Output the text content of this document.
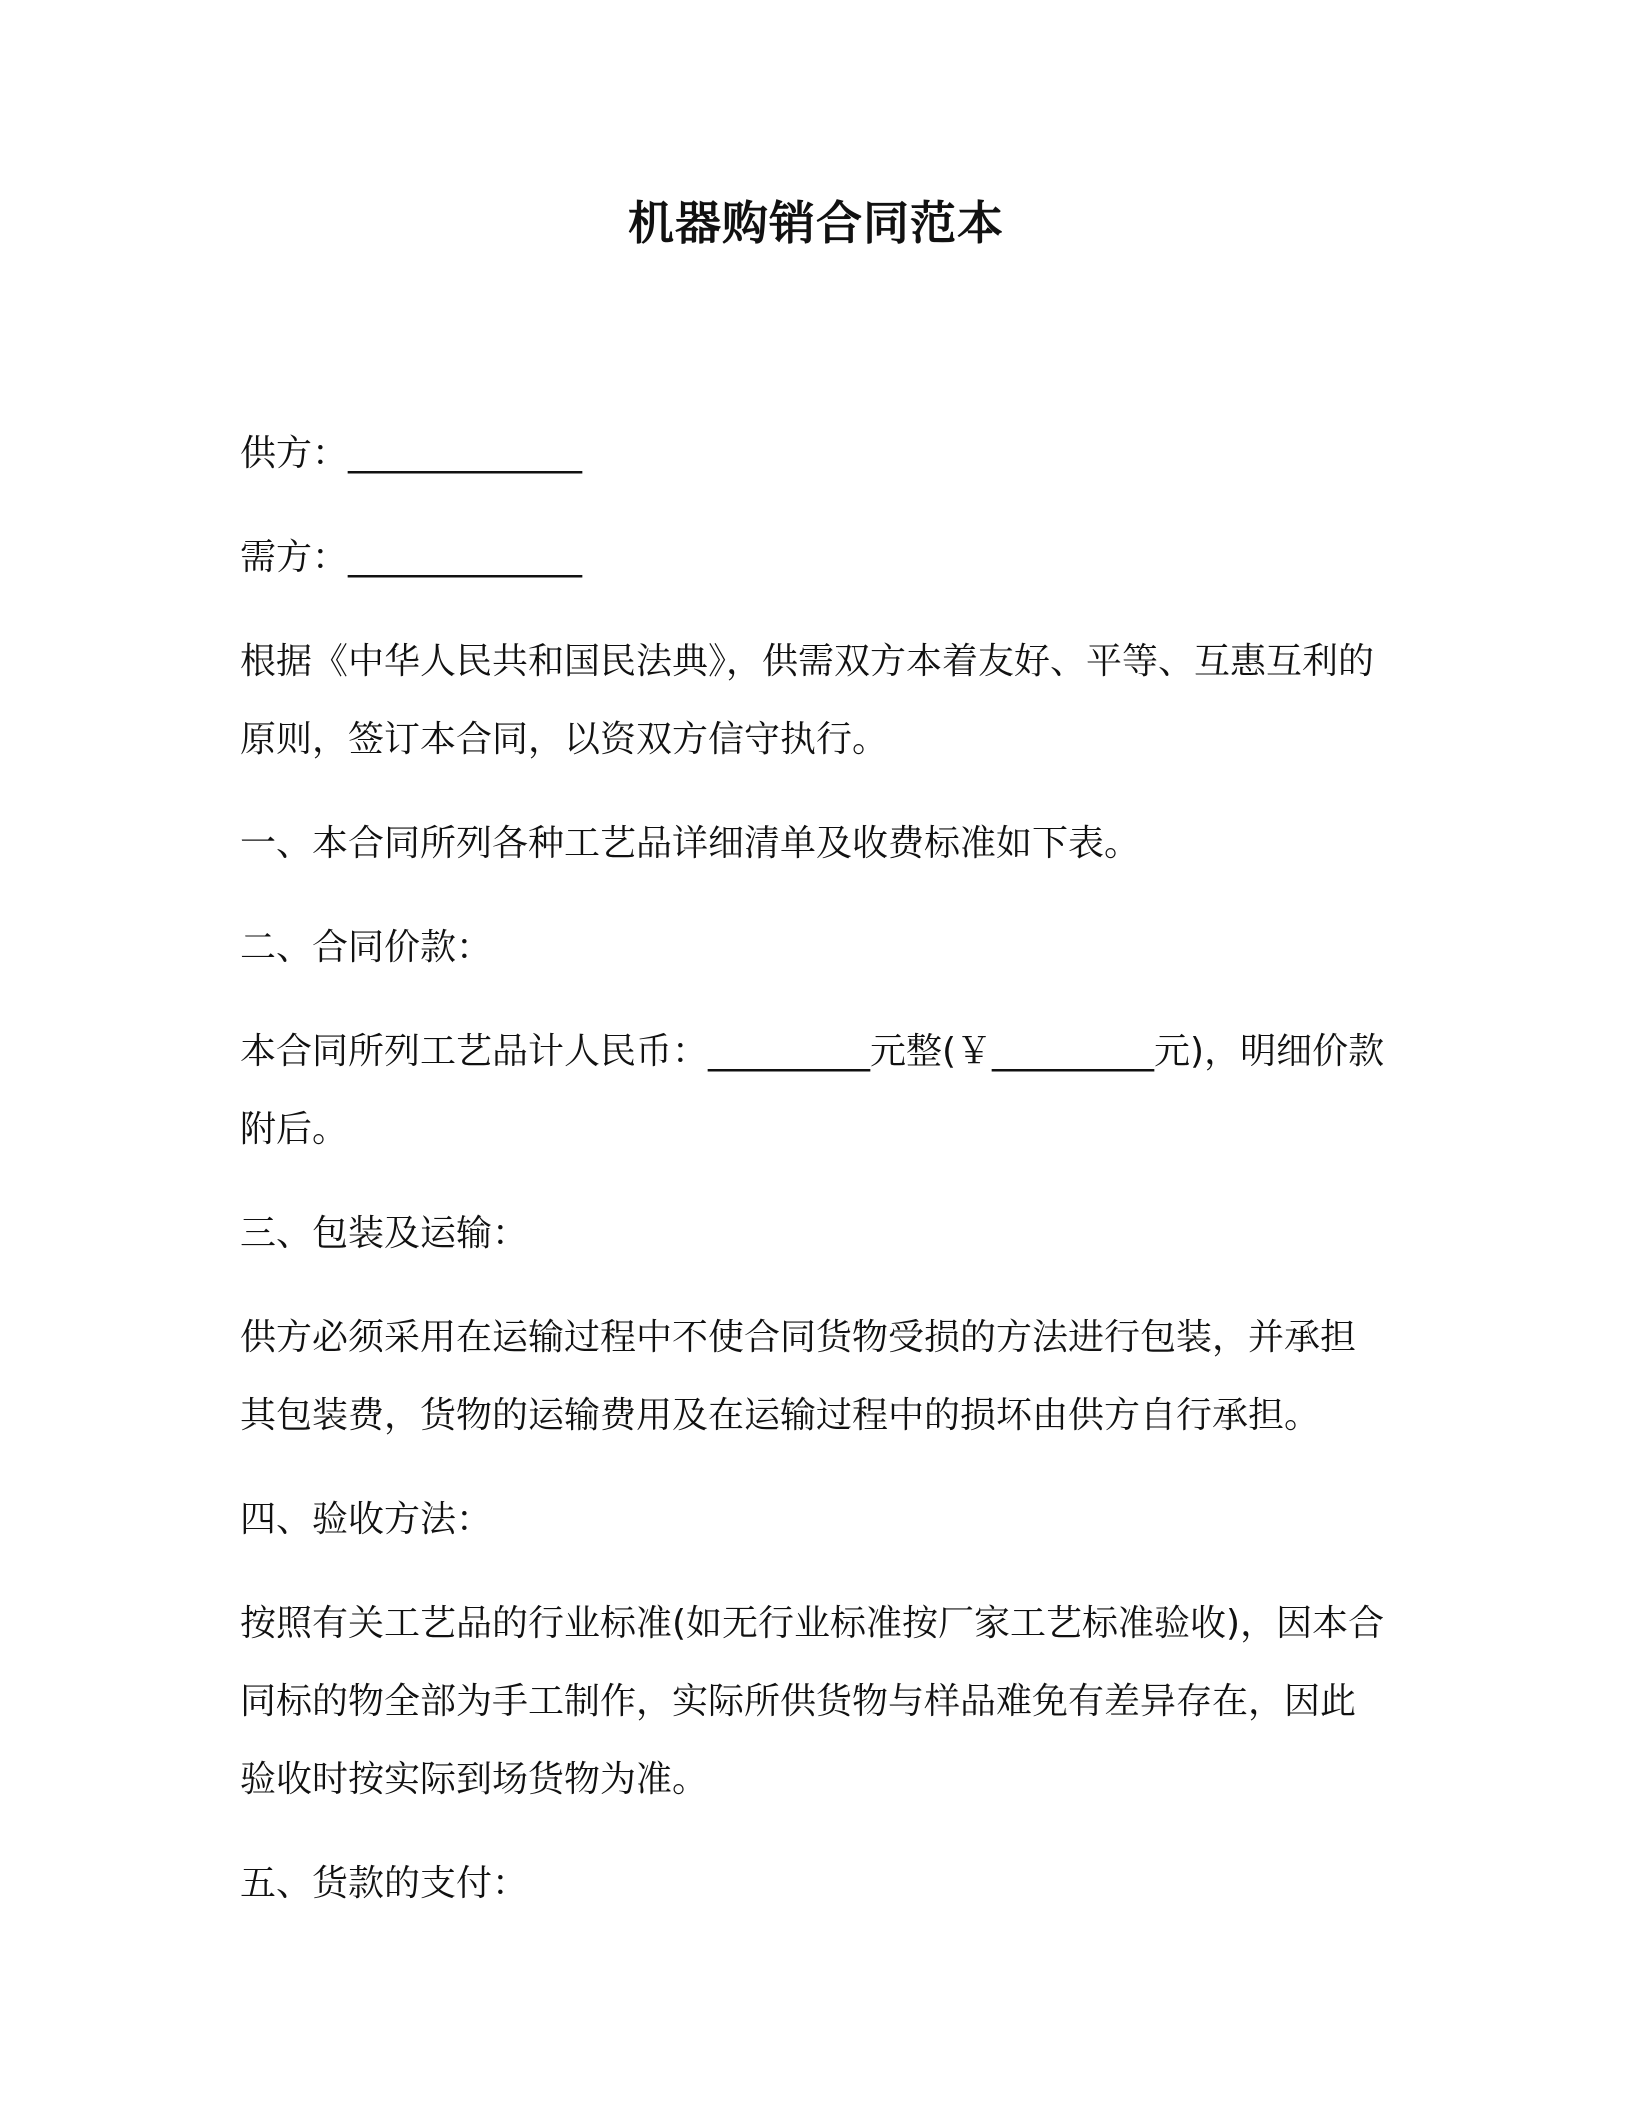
机器购销合同范本

供方：_____________

需方：_____________

根据《中华人民共和国民法典》，供需双方本着友好、平等、互惠互利的原则，签订本合同，以资双方信守执行。

一、本合同所列各种工艺品详细清单及收费标准如下表。

二、合同价款：

本合同所列工艺品计人民币：_________元整(￥_________元)，明细价款附后。

三、包装及运输：

供方必须采用在运输过程中不使合同货物受损的方法进行包装，并承担其包装费，货物的运输费用及在运输过程中的损坏由供方自行承担。

四、验收方法：

按照有关工艺品的行业标准(如无行业标准按厂家工艺标准验收)，因本合同标的物全部为手工制作，实际所供货物与样品难免有差异存在，因此验收时按实际到场货物为准。

五、货款的支付：
